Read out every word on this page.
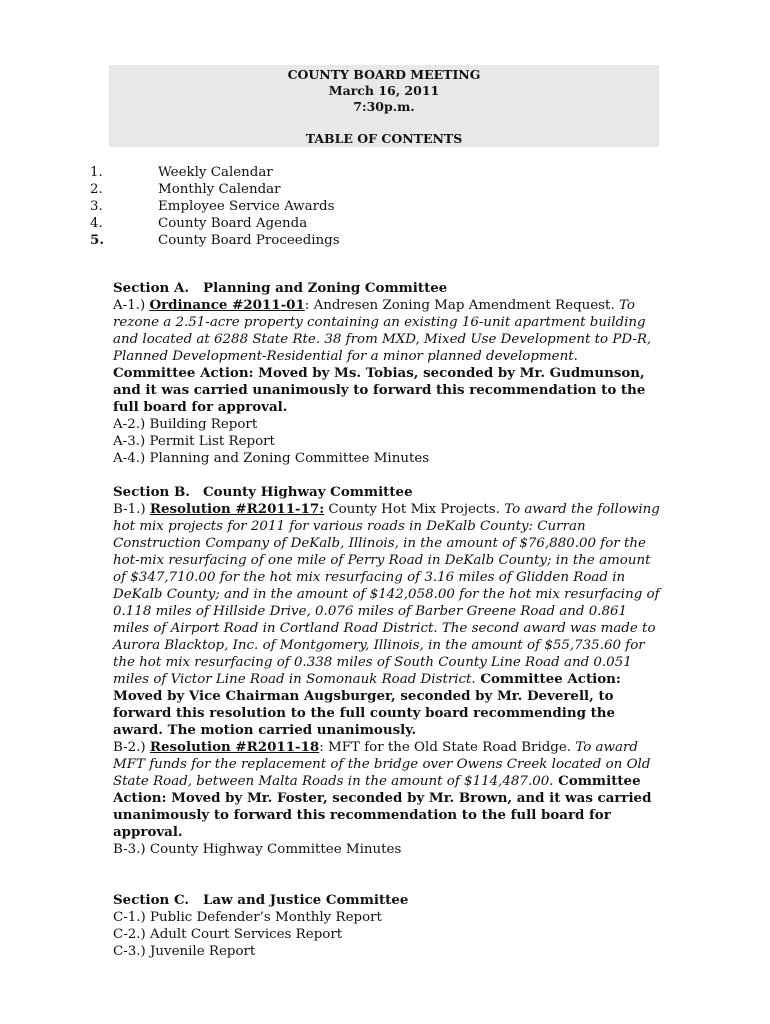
COUNTY BOARD MEETING
March 16, 2011
7:30p.m.
TABLE OF CONTENTS
1.	Weekly Calendar
2.	Monthly Calendar
3.	Employee Service Awards
4.	County Board Agenda
5.	County Board Proceedings
Section A. Planning and Zoning Committee
A-1.) Ordinance #2011-01: Andresen Zoning Map Amendment Request. To rezone a 2.51-acre property containing an existing 16-unit apartment building and located at 6288 State Rte. 38 from MXD, Mixed Use Development to PD-R, Planned Development-Residential for a minor planned development. Committee Action: Moved by Ms. Tobias, seconded by Mr. Gudmunson, and it was carried unanimously to forward this recommendation to the full board for approval.
A-2.) Building Report
A-3.) Permit List Report
A-4.) Planning and Zoning Committee Minutes
Section B. County Highway Committee
B-1.) Resolution #R2011-17: County Hot Mix Projects. To award the following hot mix projects for 2011 for various roads in DeKalb County: Curran Construction Company of DeKalb, Illinois, in the amount of $76,880.00 for the hot-mix resurfacing of one mile of Perry Road in DeKalb County; in the amount of $347,710.00 for the hot mix resurfacing of 3.16 miles of Glidden Road in DeKalb County; and in the amount of $142,058.00 for the hot mix resurfacing of 0.118 miles of Hillside Drive, 0.076 miles of Barber Greene Road and 0.861 miles of Airport Road in Cortland Road District. The second award was made to Aurora Blacktop, Inc. of Montgomery, Illinois, in the amount of $55,735.60 for the hot mix resurfacing of 0.338 miles of South County Line Road and 0.051 miles of Victor Line Road in Somonauk Road District. Committee Action: Moved by Vice Chairman Augsburger, seconded by Mr. Deverell, to forward this resolution to the full county board recommending the award. The motion carried unanimously.
B-2.) Resolution #R2011-18: MFT for the Old State Road Bridge. To award MFT funds for the replacement of the bridge over Owens Creek located on Old State Road, between Malta Roads in the amount of $114,487.00. Committee Action: Moved by Mr. Foster, seconded by Mr. Brown, and it was carried unanimously to forward this recommendation to the full board for approval.
B-3.) County Highway Committee Minutes
Section C. Law and Justice Committee
C-1.) Public Defender’s Monthly Report
C-2.) Adult Court Services Report
C-3.) Juvenile Report
